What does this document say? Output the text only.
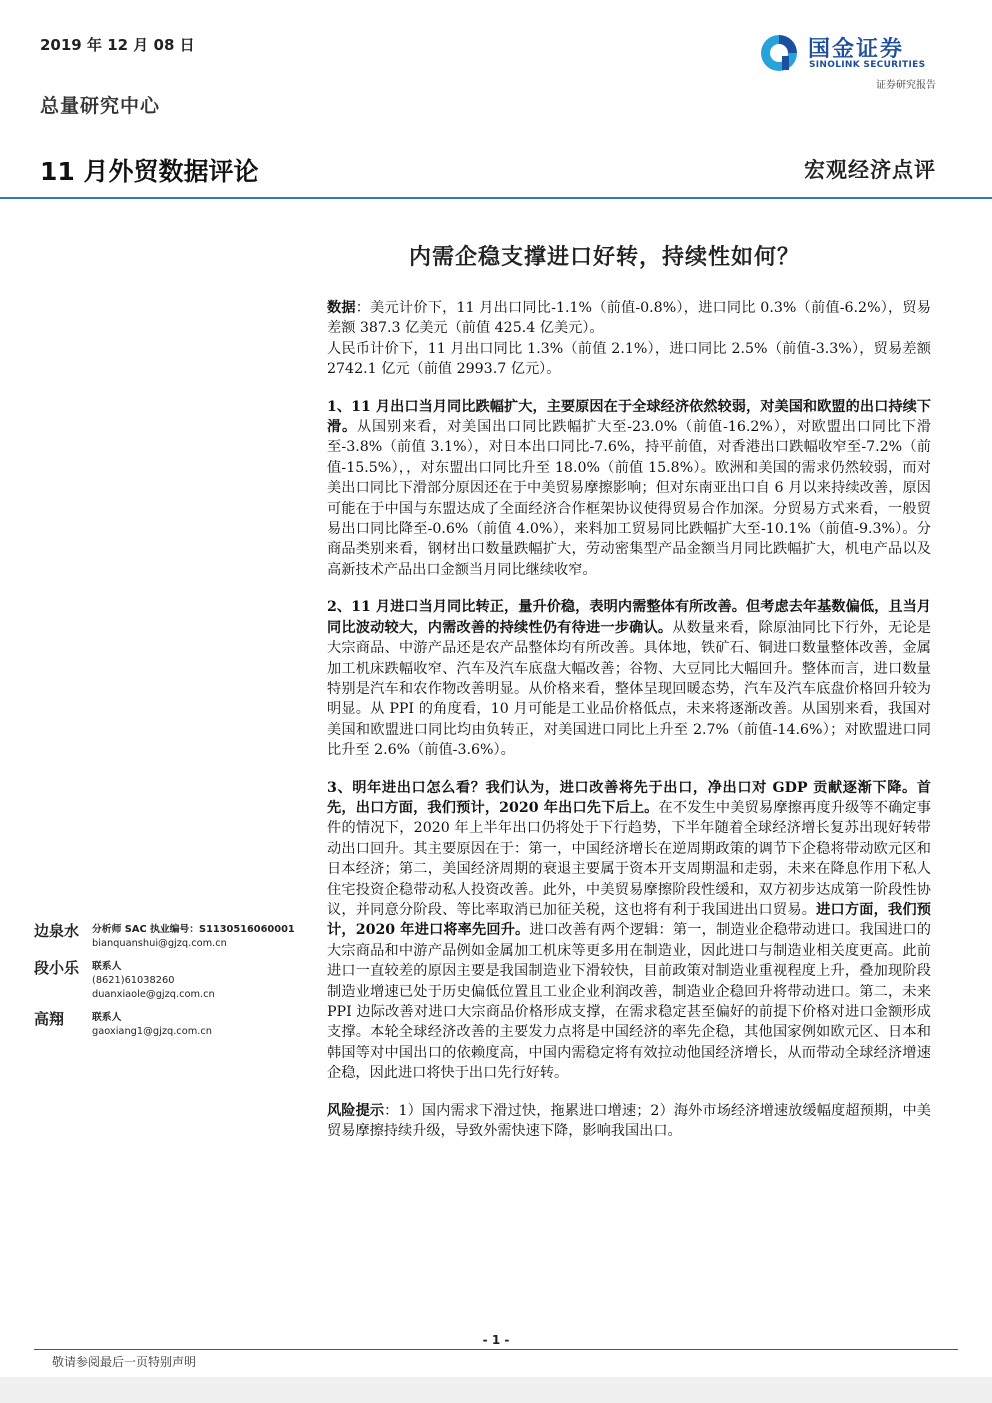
2019 年 12 月 08 日
总量研究中心
11 月外贸数据评论	宏观经济点评
国金证券
SINOLINK SECURITIES
证券研究报告
内需企稳支撑进口好转，持续性如何？

数据：美元计价下，11 月出口同比-1.1%（前值-0.8%），进口同比 0.3%（前值-6.2%），贸易差额 387.3 亿美元（前值 425.4 亿美元）。

人民币计价下，11 月出口同比 1.3%（前值 2.1%），进口同比 2.5%（前值-3.3%），贸易差额 2742.1 亿元（前值 2993.7 亿元）。

1、11 月出口当月同比跌幅扩大，主要原因在于全球经济依然较弱，对美国和欧盟的出口持续下滑。从国别来看，对美国出口同比跌幅扩大至-23.0%（前值-16.2%），对欧盟出口同比下滑至-3.8%（前值 3.1%），对日本出口同比-7.6%，持平前值，对香港出口跌幅收窄至-7.2%（前值-15.5%），，对东盟出口同比升至 18.0%（前值 15.8%）。欧洲和美国的需求仍然较弱，而对美出口同比下滑部分原因还在于中美贸易摩擦影响；但对东南亚出口自 6 月以来持续改善，原因可能在于中国与东盟达成了全面经济合作框架协议使得贸易合作加深。分贸易方式来看，一般贸易出口同比降至-0.6%（前值 4.0%），来料加工贸易同比跌幅扩大至-10.1%（前值-9.3%）。分商品类别来看，钢材出口数量跌幅扩大，劳动密集型产品金额当月同比跌幅扩大，机电产品以及高新技术产品出口金额当月同比继续收窄。

2、11 月进口当月同比转正，量升价稳，表明内需整体有所改善。但考虑去年基数偏低，且当月同比波动较大，内需改善的持续性仍有待进一步确认。从数量来看，除原油同比下行外，无论是大宗商品、中游产品还是农产品整体均有所改善。具体地，铁矿石、铜进口数量整体改善，金属加工机床跌幅收窄、汽车及汽车底盘大幅改善；谷物、大豆同比大幅回升。整体而言，进口数量特别是汽车和农作物改善明显。从价格来看，整体呈现回暖态势，汽车及汽车底盘价格回升较为明显。从 PPI 的角度看，10 月可能是工业品价格低点，未来将逐渐改善。从国别来看，我国对美国和欧盟进口同比均由负转正，对美国进口同比上升至 2.7%（前值-14.6%）；对欧盟进口同比升至 2.6%（前值-3.6%）。

3、明年进出口怎么看？我们认为，进口改善将先于出口，净出口对 GDP 贡献逐渐下降。首先，出口方面，我们预计，2020 年出口先下后上。在不发生中美贸易摩擦再度升级等不确定事件的情况下，2020 年上半年出口仍将处于下行趋势，下半年随着全球经济增长复苏出现好转带动出口回升。其主要原因在于：第一，中国经济增长在逆周期政策的调节下企稳将带动欧元区和日本经济；第二，美国经济周期的衰退主要属于资本开支周期温和走弱，未来在降息作用下私人住宅投资企稳带动私人投资改善。此外，中美贸易摩擦阶段性缓和，双方初步达成第一阶段性协议，并同意分阶段、等比率取消已加征关税，这也将有利于我国进出口贸易。进口方面，我们预计，2020 年进口将率先回升。进口改善有两个逻辑：第一，制造业企稳带动进口。我国进口的大宗商品和中游产品例如金属加工机床等更多用在制造业，因此进口与制造业相关度更高。此前进口一直较差的原因主要是我国制造业下滑较快，目前政策对制造业重视程度上升，叠加现阶段制造业增速已处于历史偏低位置且工业企业利润改善，制造业企稳回升将带动进口。第二，未来 PPI 边际改善对进口大宗商品价格形成支撑，在需求稳定甚至偏好的前提下价格对进口金额形成支撑。本轮全球经济改善的主要发力点将是中国经济的率先企稳，其他国家例如欧元区、日本和韩国等对中国出口的依赖度高，中国内需稳定将有效拉动他国经济增长，从而带动全球经济增速企稳，因此进口将快于出口先行好转。

风险提示：1）国内需求下滑过快，拖累进口增速；2）海外市场经济增速放缓幅度超预期，中美贸易摩擦持续升级，导致外需快速下降，影响我国出口。

边泉水 分析师 SAC 执业编号：S1130516060001
bianquanshui@gjzq.com.cn
段小乐 联系人
(8621)61038260
duanxiaole@gjzq.com.cn
高翔	联系人
gaoxiang1@gjzq.com.cn
- 1 -
敬请参阅最后一页特别声明
